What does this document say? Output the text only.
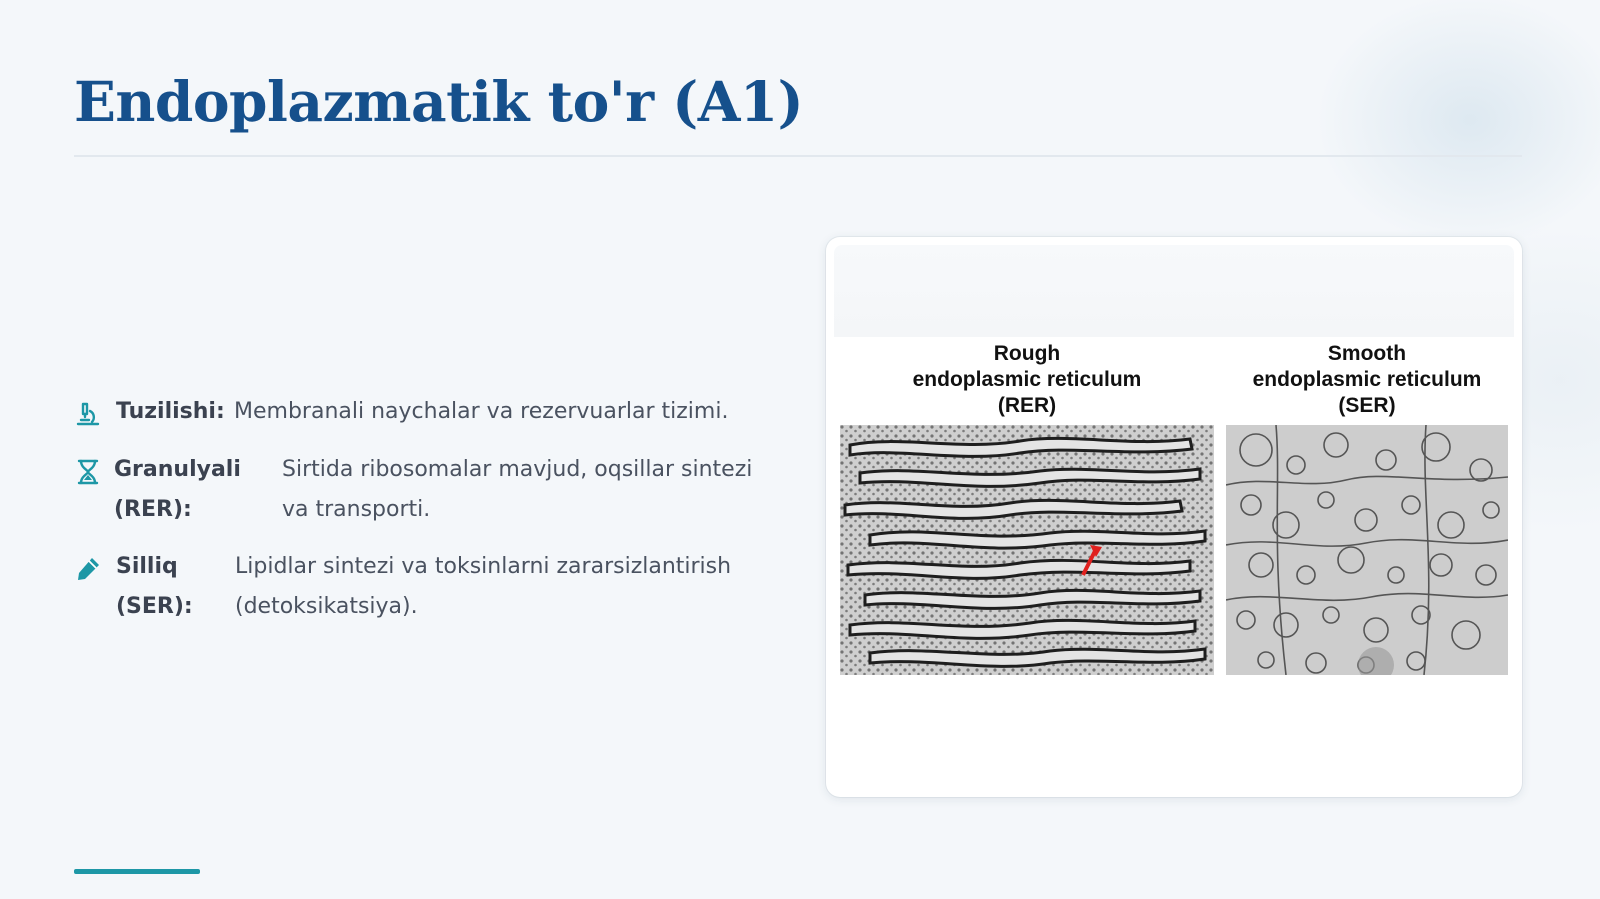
Endoplazmatik to'r (A1)
Tuzilishi: Membranali naychalar va rezervuarlar tizimi.
Granulyali
(RER):
Sirtida ribosomalar mavjud, oqsillar sintezi va transporti.
Silliq
(SER):
Lipidlar sintezi va toksinlarni zararsizlantirish (detoksikatsiya).
Rough
endoplasmic reticulum
(RER)
Smooth
endoplasmic reticulum
(SER)
